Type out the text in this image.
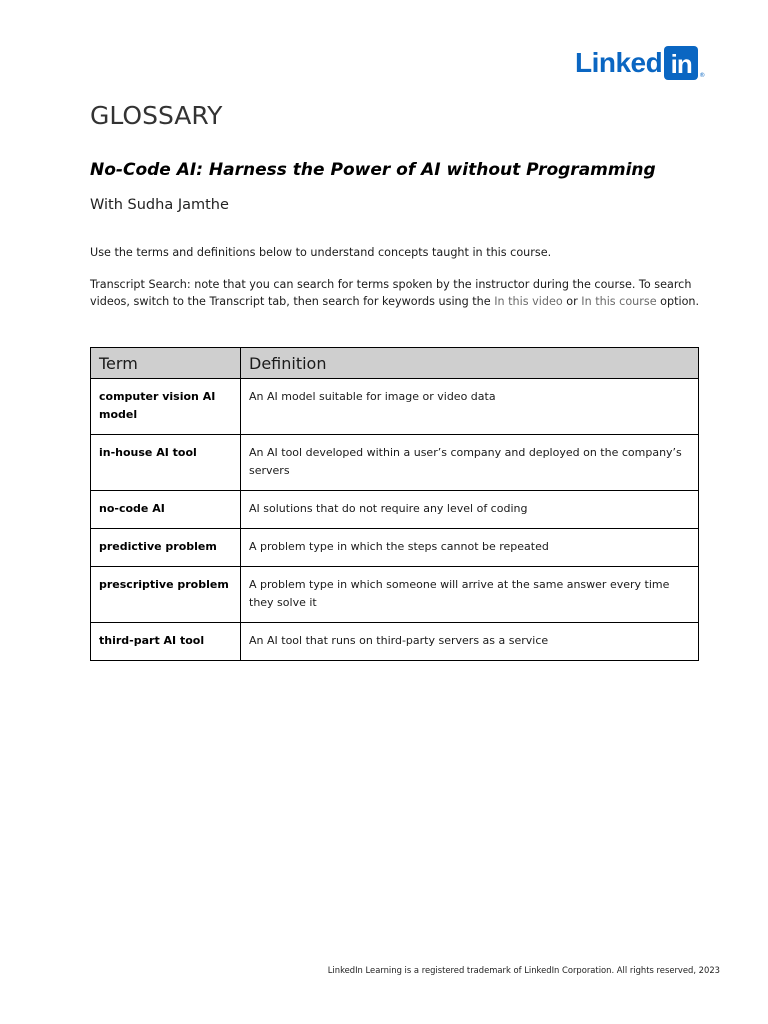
Linked in	®
GLOSSARY
No-Code AI: Harness the Power of AI without Programming
With Sudha Jamthe

Use the terms and definitions below to understand concepts taught in this course.

Transcript Search: note that you can search for terms spoken by the instructor during the course. To search videos, switch to the Transcript tab, then search for keywords using the In this video or In this course option.

Term	Definition
computer vision AI model	An AI model suitable for image or video data
in-house AI tool	An AI tool developed within a user’s company and deployed on the company’s servers
no-code AI	AI solutions that do not require any level of coding
predictive problem	A problem type in which the steps cannot be repeated
prescriptive problem	A problem type in which someone will arrive at the same answer every time they solve it
third-part AI tool	An AI tool that runs on third-party servers as a service
LinkedIn Learning is a registered trademark of LinkedIn Corporation. All rights reserved, 2023
